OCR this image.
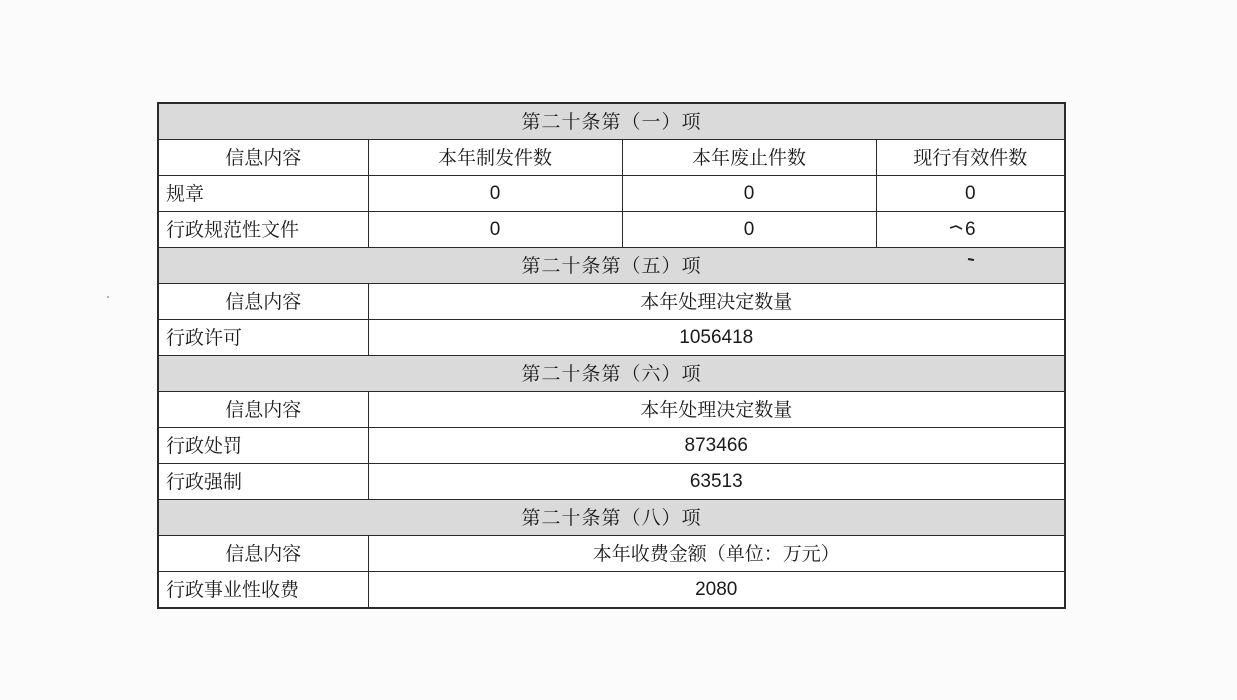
第二十条第（一）项			
信息内容	本年制发件数	本年废止件数	现行有效件数
规章	0	0	0
行政规范性文件	0	0	6
第二十条第（五）项			
信息内容	本年处理决定数量		
行政许可	1056418		
第二十条第（六）项			
信息内容	本年处理决定数量		
行政处罚	873466		
行政强制	63513		
第二十条第（八）项			
信息内容	本年收费金额（单位：万元）		
行政事业性收费	2080		
